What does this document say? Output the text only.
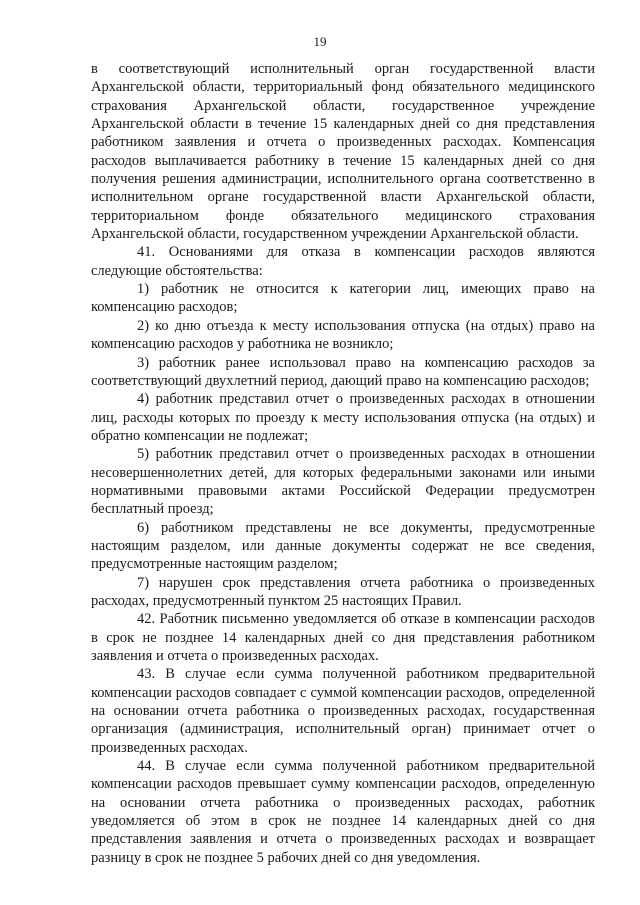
19

в соответствующий исполнительный орган государственной власти Архангельской области, территориальный фонд обязательного медицинского страхования Архангельской области, государственное учреждение Архангельской области в течение 15 календарных дней со дня представления работником заявления и отчета о произведенных расходах. Компенсация расходов выплачивается работнику в течение 15 календарных дней со дня получения решения администрации, исполнительного органа соответственно в исполнительном органе государственной власти Архангельской области, территориальном фонде обязательного медицинского страхования Архангельской области, государственном учреждении Архангельской области.

41. Основаниями для отказа в компенсации расходов являются следующие обстоятельства:

1) работник не относится к категории лиц, имеющих право на компенсацию расходов;

2) ко дню отъезда к месту использования отпуска (на отдых) право на компенсацию расходов у работника не возникло;

3) работник ранее использовал право на компенсацию расходов за соответствующий двухлетний период, дающий право на компенсацию расходов;

4) работник представил отчет о произведенных расходах в отношении лиц, расходы которых по проезду к месту использования отпуска (на отдых) и обратно компенсации не подлежат;

5) работник представил отчет о произведенных расходах в отношении несовершеннолетних детей, для которых федеральными законами или иными нормативными правовыми актами Российской Федерации предусмотрен бесплатный проезд;

6) работником представлены не все документы, предусмотренные настоящим разделом, или данные документы содержат не все сведения, предусмотренные настоящим разделом;

7) нарушен срок представления отчета работника о произведенных расходах, предусмотренный пунктом 25 настоящих Правил.

42. Работник письменно уведомляется об отказе в компенсации расходов в срок не позднее 14 календарных дней со дня представления работником заявления и отчета о произведенных расходах.

43. В случае если сумма полученной работником предварительной компенсации расходов совпадает с суммой компенсации расходов, определенной на основании отчета работника о произведенных расходах, государственная организация (администрация, исполнительный орган) принимает отчет о произведенных расходах.

44. В случае если сумма полученной работником предварительной компенсации расходов превышает сумму компенсации расходов, определенную на основании отчета работника о произведенных расходах, работник уведомляется об этом в срок не позднее 14 календарных дней со дня представления заявления и отчета о произведенных расходах и возвращает разницу в срок не позднее 5 рабочих дней со дня уведомления.
